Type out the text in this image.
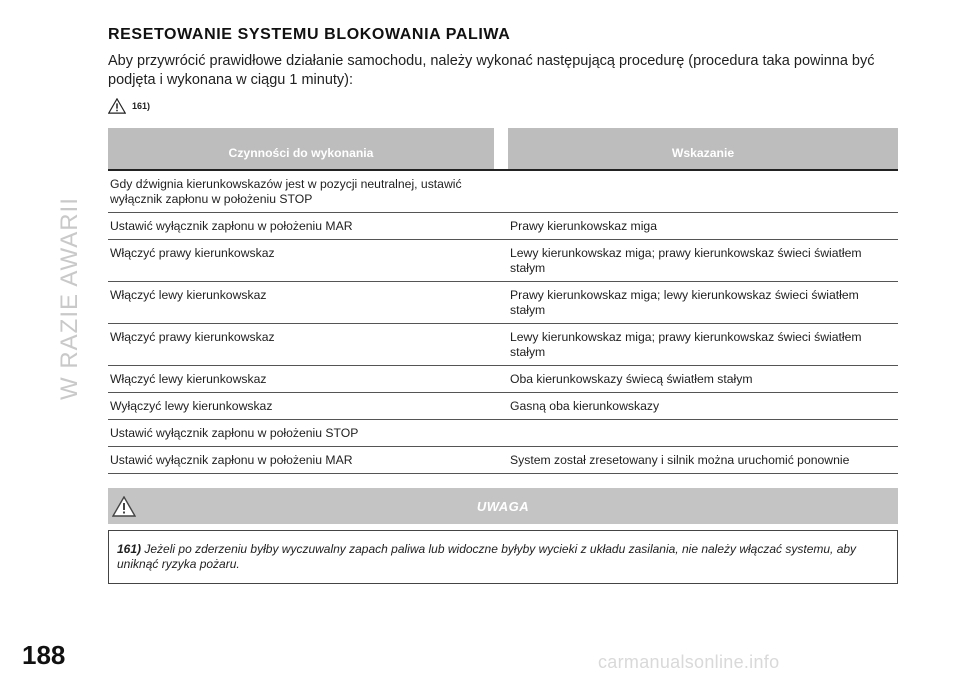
W RAZIE AWARII
188
RESETOWANIE SYSTEMU BLOKOWANIA PALIWA

Aby przywrócić prawidłowe działanie samochodu, należy wykonać następującą procedurę (procedura taka powinna być podjęta i wykonana w ciągu 1 minuty):

161)
Czynności do wykonania		Wskazanie
Gdy dźwignia kierunkowskazów jest w pozycji neutralnej, ustawić wyłącznik zapłonu w położeniu STOP		
Ustawić wyłącznik zapłonu w położeniu MAR		Prawy kierunkowskaz miga
Włączyć prawy kierunkowskaz		Lewy kierunkowskaz miga; prawy kierunkowskaz świeci światłem stałym
Włączyć lewy kierunkowskaz		Prawy kierunkowskaz miga; lewy kierunkowskaz świeci światłem stałym
Włączyć prawy kierunkowskaz		Lewy kierunkowskaz miga; prawy kierunkowskaz świeci światłem stałym
Włączyć lewy kierunkowskaz		Oba kierunkowskazy świecą światłem stałym
Wyłączyć lewy kierunkowskaz		Gasną oba kierunkowskazy
Ustawić wyłącznik zapłonu w położeniu STOP		
Ustawić wyłącznik zapłonu w położeniu MAR		System został zresetowany i silnik można uruchomić ponownie
UWAGA
161) Jeżeli po zderzeniu byłby wyczuwalny zapach paliwa lub widoczne byłyby wycieki z układu zasilania, nie należy włączać systemu, aby uniknąć ryzyka pożaru.
carmanualsonline.info
